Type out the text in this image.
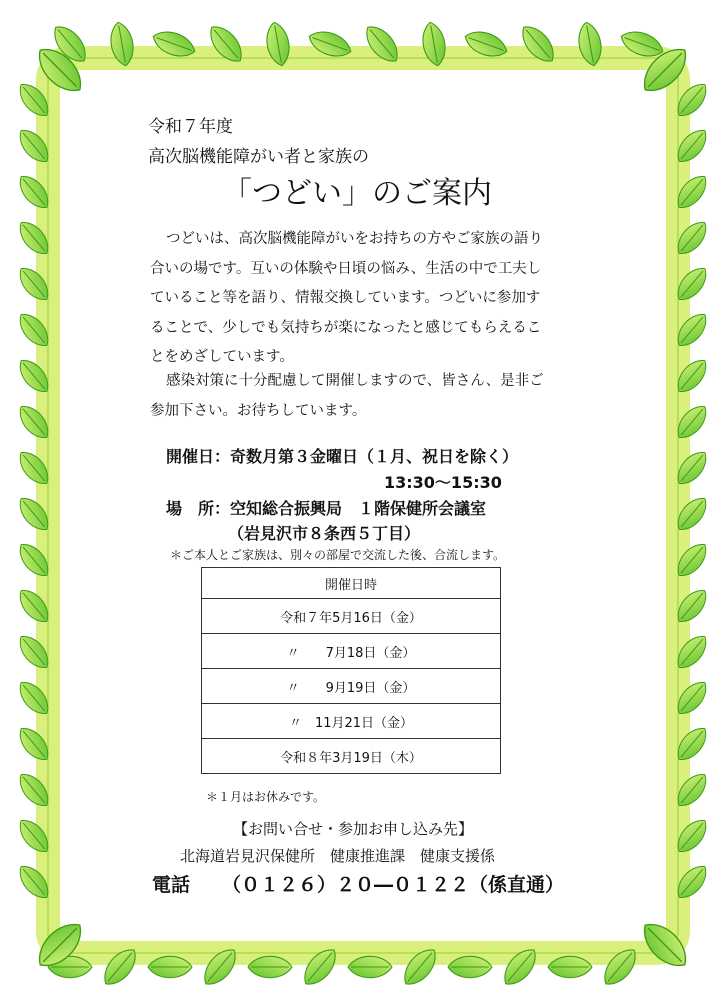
令和７年度
高次脳機能障がい者と家族の
「つどい」のご案内
つどいは、高次脳機能障がいをお持ちの方やご家族の語り
合いの場です。互いの体験や日頃の悩み、生活の中で工夫し
ていること等を語り、情報交換しています。つどいに参加す
ることで、少しでも気持ちが楽になったと感じてもらえるこ
とをめざしています。
感染対策に十分配慮して開催しますので、皆さん、是非ご
参加下さい。お待ちしています。
開催日：奇数月第３金曜日（１月、祝日を除く）
13:30～15:30
場　所：空知総合振興局　１階保健所会議室
（岩見沢市８条西５丁目）
＊ご本人とご家族は、別々の部屋で交流した後、合流します。
開催日時
令和７年5月16日（金）
〃　　7月18日（金）
〃　　9月19日（金）
〃　11月21日（金）
令和８年3月19日（木）
＊１月はお休みです。
【お問い合せ・参加お申し込み先】
北海道岩見沢保健所　健康推進課　健康支援係
電話 （０１２６）２０―０１２２（係直通）
